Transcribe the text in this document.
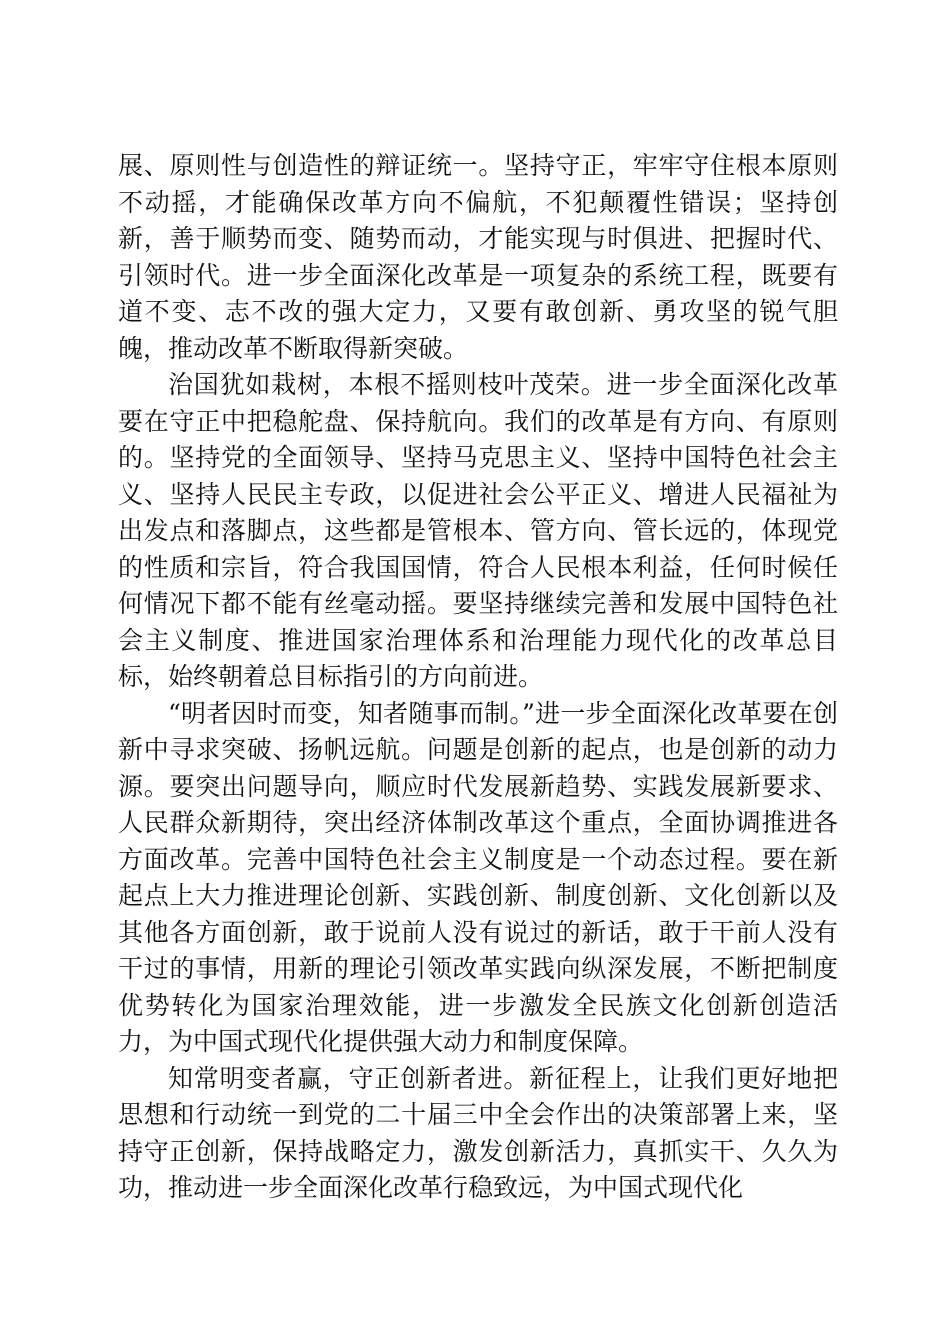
展、原则性与创造性的辩证统一。坚持守正，牢牢守住根本原则不动摇，才能确保改革方向不偏航，不犯颠覆性错误；坚持创新，善于顺势而变、随势而动，才能实现与时俱进、把握时代、引领时代。进一步全面深化改革是一项复杂的系统工程，既要有道不变、志不改的强大定力，又要有敢创新、勇攻坚的锐气胆魄，推动改革不断取得新突破。

治国犹如栽树，本根不摇则枝叶茂荣。进一步全面深化改革要在守正中把稳舵盘、保持航向。我们的改革是有方向、有原则的。坚持党的全面领导、坚持马克思主义、坚持中国特色社会主义、坚持人民民主专政，以促进社会公平正义、增进人民福祉为出发点和落脚点，这些都是管根本、管方向、管长远的，体现党的性质和宗旨，符合我国国情，符合人民根本利益，任何时候任何情况下都不能有丝毫动摇。要坚持继续完善和发展中国特色社会主义制度、推进国家治理体系和治理能力现代化的改革总目标，始终朝着总目标指引的方向前进。

“明者因时而变，知者随事而制。”进一步全面深化改革要在创新中寻求突破、扬帆远航。问题是创新的起点，也是创新的动力源。要突出问题导向，顺应时代发展新趋势、实践发展新要求、人民群众新期待，突出经济体制改革这个重点，全面协调推进各方面改革。完善中国特色社会主义制度是一个动态过程。要在新起点上大力推进理论创新、实践创新、制度创新、文化创新以及其他各方面创新，敢于说前人没有说过的新话，敢于干前人没有干过的事情，用新的理论引领改革实践向纵深发展，不断把制度优势转化为国家治理效能，进一步激发全民族文化创新创造活力，为中国式现代化提供强大动力和制度保障。

知常明变者赢，守正创新者进。新征程上，让我们更好地把思想和行动统一到党的二十届三中全会作出的决策部署上来，坚持守正创新，保持战略定力，激发创新活力，真抓实干、久久为功，推动进一步全面深化改革行稳致远，为中国式现代化
